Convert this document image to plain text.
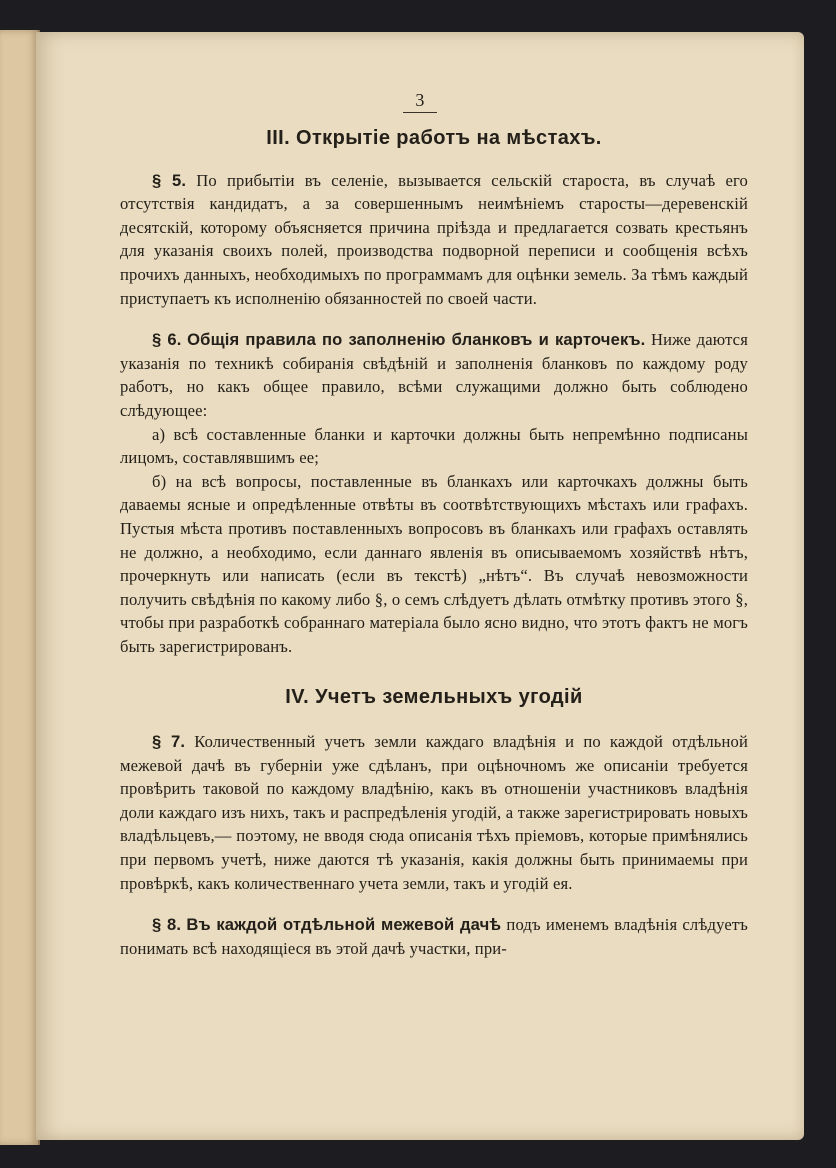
3
III. Открытіе работъ на мѣстахъ.

§ 5. По прибытіи въ селеніе, вызывается сельскій староста, въ случаѣ его отсутствія кандидатъ, а за совершеннымъ неимѣніемъ старосты—деревенскій десятскій, которому объясняется причина пріѣзда и предлагается созвать крестьянъ для указанія своихъ полей, производства подворной переписи и сообщенія всѣхъ прочихъ данныхъ, необходимыхъ по программамъ для оцѣнки земель. За тѣмъ каждый приступаетъ къ исполненію обязанностей по своей части.

§ 6. Общія правила по заполненію бланковъ и карточекъ. Ниже даются указанія по техникѣ собиранія свѣдѣній и заполненія бланковъ по каждому роду работъ, но какъ общее правило, всѣми служащими должно быть соблюдено слѣдующее:

а) всѣ составленные бланки и карточки должны быть непремѣнно подписаны лицомъ, составлявшимъ ее;

б) на всѣ вопросы, поставленные въ бланкахъ или карточкахъ должны быть даваемы ясные и опредѣленные отвѣты въ соотвѣтствующихъ мѣстахъ или графахъ. Пустыя мѣста противъ поставленныхъ вопросовъ въ бланкахъ или графахъ оставлять не должно, а необходимо, если даннаго явленія въ описываемомъ хозяйствѣ нѣтъ, прочеркнуть или написать (если въ текстѣ) „нѣтъ“. Въ случаѣ невозможности получить свѣдѣнія по какому либо §, о семъ слѣдуетъ дѣлать отмѣтку противъ этого §, чтобы при разработкѣ собраннаго матеріала было ясно видно, что этотъ фактъ не могъ быть зарегистрированъ.

IV. Учетъ земельныхъ угодій

§ 7. Количественный учетъ земли каждаго владѣнія и по каждой отдѣльной межевой дачѣ въ губерніи уже сдѣланъ, при оцѣночномъ же описаніи требуется провѣрить таковой по каждому владѣнію, какъ въ отношеніи участниковъ владѣнія доли каждаго изъ нихъ, такъ и распредѣленія угодій, а также зарегистрировать новыхъ владѣльцевъ,— поэтому, не вводя сюда описанія тѣхъ пріемовъ, которые примѣнялись при первомъ учетѣ, ниже даются тѣ указанія, какія должны быть принимаемы при провѣркѣ, какъ количественнаго учета земли, такъ и угодій ея.

§ 8. Въ каждой отдѣльной межевой дачѣ подъ именемъ владѣнія слѣдуетъ понимать всѣ находящіеся въ этой дачѣ участки, при-
